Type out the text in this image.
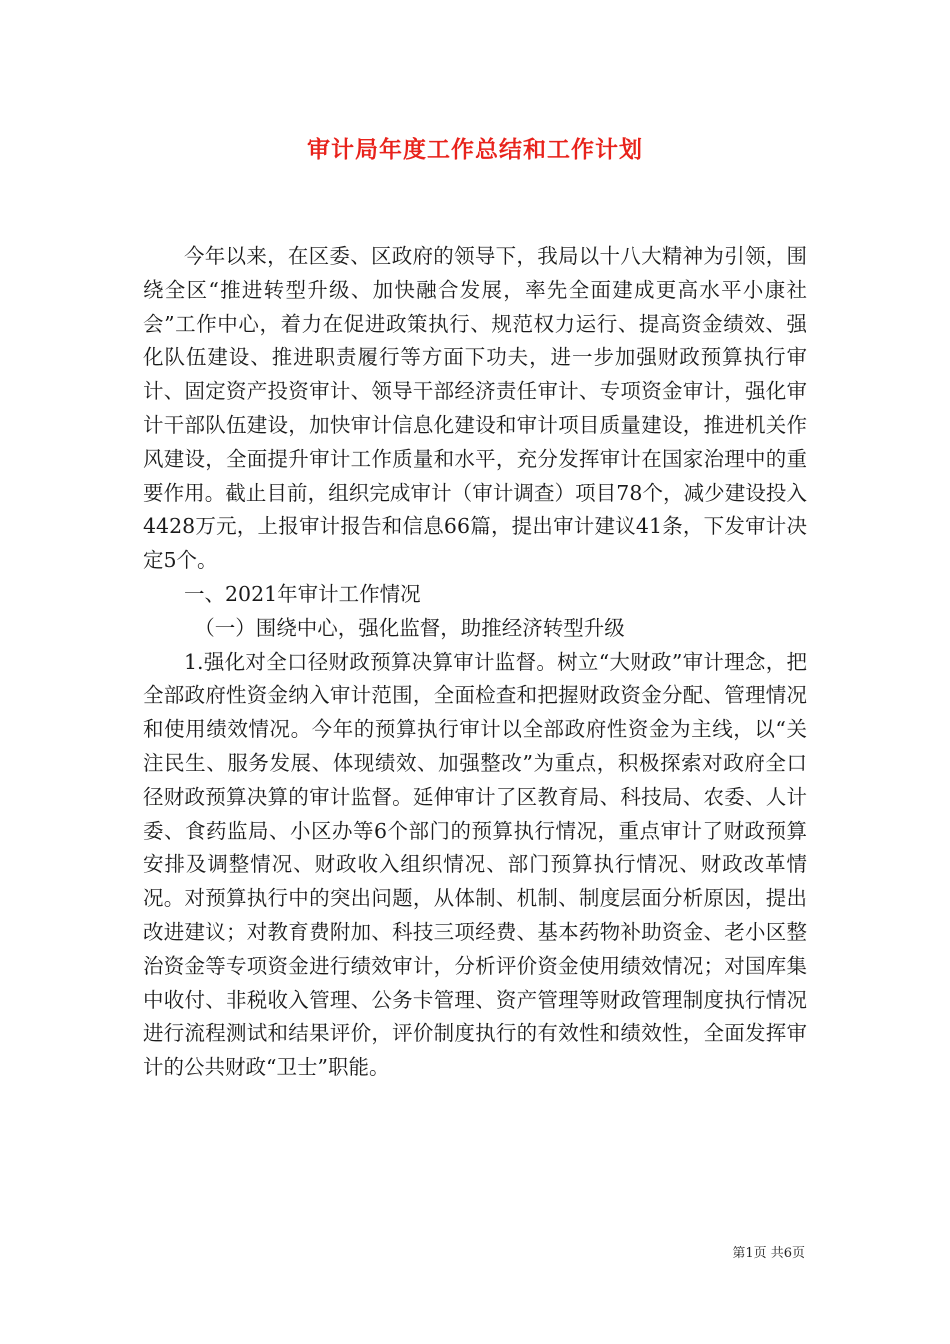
审计局年度工作总结和工作计划

今年以来，在区委、区政府的领导下，我局以十八大精神为引领，围绕全区“推进转型升级、加快融合发展，率先全面建成更高水平小康社会”工作中心，着力在促进政策执行、规范权力运行、提高资金绩效、强化队伍建设、推进职责履行等方面下功夫，进一步加强财政预算执行审计、固定资产投资审计、领导干部经济责任审计、专项资金审计，强化审计干部队伍建设，加快审计信息化建设和审计项目质量建设，推进机关作风建设，全面提升审计工作质量和水平，充分发挥审计在国家治理中的重要作用。截止目前，组织完成审计（审计调查）项目78个，减少建设投入4428万元，上报审计报告和信息66篇，提出审计建议41条，下发审计决定5个。

一、2021年审计工作情况

（一）围绕中心，强化监督，助推经济转型升级

1.强化对全口径财政预算决算审计监督。树立“大财政”审计理念，把全部政府性资金纳入审计范围，全面检查和把握财政资金分配、管理情况和使用绩效情况。今年的预算执行审计以全部政府性资金为主线，以“关注民生、服务发展、体现绩效、加强整改”为重点，积极探索对政府全口径财政预算决算的审计监督。延伸审计了区教育局、科技局、农委、人计委、食药监局、小区办等6个部门的预算执行情况，重点审计了财政预算安排及调整情况、财政收入组织情况、部门预算执行情况、财政改革情况。对预算执行中的突出问题，从体制、机制、制度层面分析原因，提出改进建议；对教育费附加、科技三项经费、基本药物补助资金、老小区整治资金等专项资金进行绩效审计，分析评价资金使用绩效情况；对国库集中收付、非税收入管理、公务卡管理、资产管理等财政管理制度执行情况进行流程测试和结果评价，评价制度执行的有效性和绩效性，全面发挥审计的公共财政“卫士”职能。

第1页 共6页
